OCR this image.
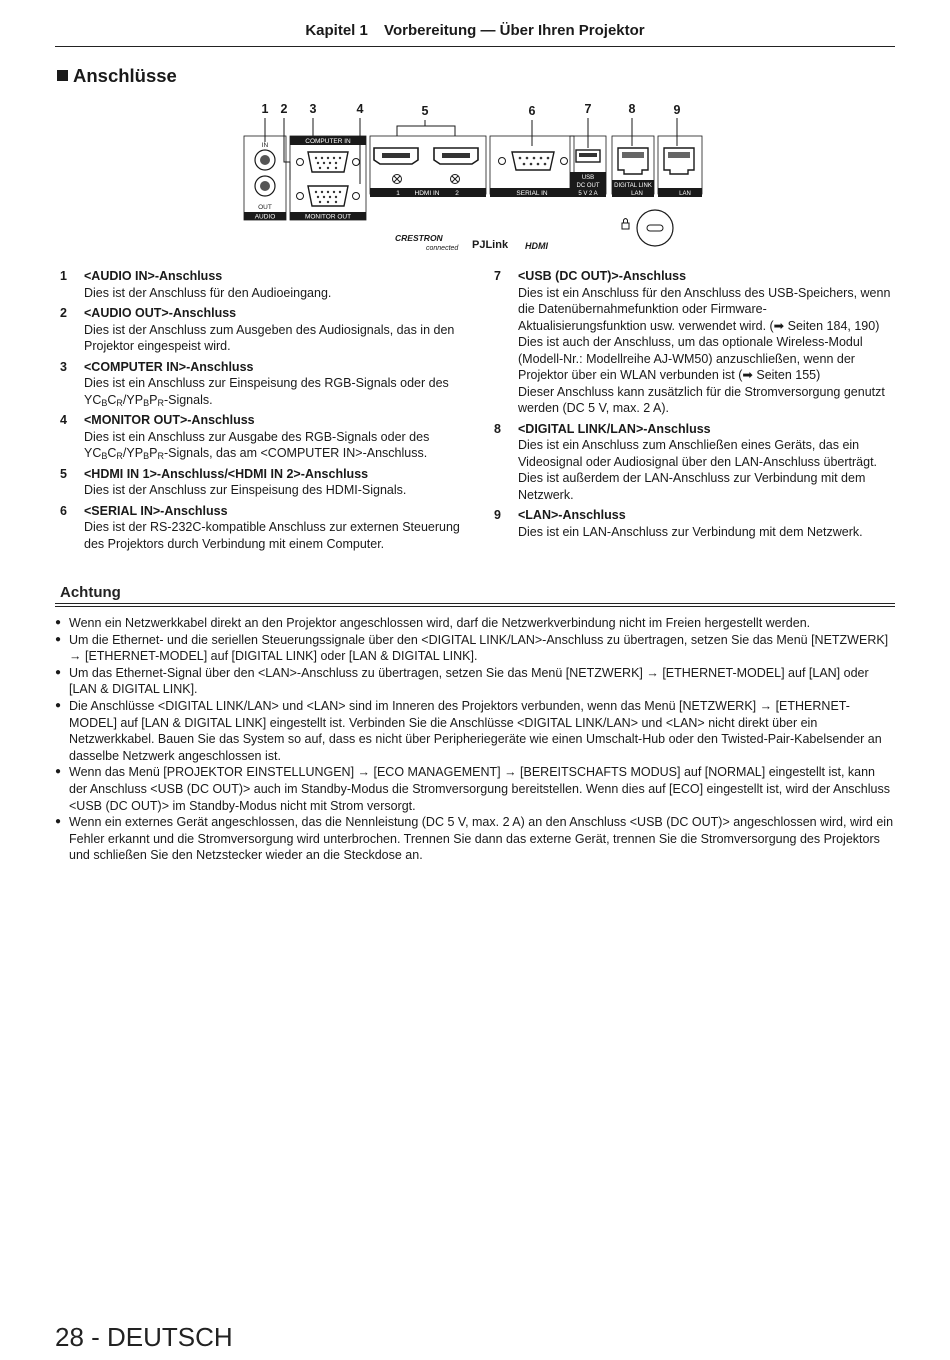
Kapitel 1 Vorbereitung — Über Ihren Projektor
Anschlüsse
1 2 3	4	5	6	7	8	9
IN
OUT
AUDIO
COMPUTER IN
MONITOR OUT
1 HDMI IN 2	SERIAL IN
USB
DC OUT
5 V 2 A
DIGITAL LINK
LAN	LAN
CRESTRON
connected PJLink HDMI
1	<AUDIO IN>-Anschluss
Dies ist der Anschluss für den Audioeingang.
2	<AUDIO OUT>-Anschluss
Dies ist der Anschluss zum Ausgeben des Audiosignals, das in den Projektor eingespeist wird.
3	<COMPUTER IN>-Anschluss
Dies ist ein Anschluss zur Einspeisung des RGB-Signals oder des $YC_BC_R/YP_BP_R$-Signals.
4	<MONITOR OUT>-Anschluss
Dies ist ein Anschluss zur Ausgabe des RGB-Signals oder des $YC_BC_R/YP_BP_R$-Signals, das am <COMPUTER IN>-Anschluss.
5	<HDMI IN 1>-Anschluss/<HDMI IN 2>-Anschluss
Dies ist der Anschluss zur Einspeisung des HDMI-Signals.
6	<SERIAL IN>-Anschluss
Dies ist der RS-232C-kompatible Anschluss zur externen Steuerung des Projektors durch Verbindung mit einem Computer.
7	<USB (DC OUT)>-Anschluss
Dies ist ein Anschluss für den Anschluss des USB-Speichers, wenn die Datenübernahmefunktion oder Firmware-Aktualisierungsfunktion usw. verwendet wird. (➡ Seiten 184, 190)
Dies ist auch der Anschluss, um das optionale Wireless-Modul (Modell-Nr.: Modellreihe AJ-WM50) anzuschließen, wenn der Projektor über ein WLAN verbunden ist (➡ Seiten 155)
Dieser Anschluss kann zusätzlich für die Stromversorgung genutzt werden (DC 5 V, max. 2 A).
8	<DIGITAL LINK/LAN>-Anschluss
Dies ist ein Anschluss zum Anschließen eines Geräts, das ein Videosignal oder Audiosignal über den LAN-Anschluss überträgt. Dies ist außerdem der LAN-Anschluss zur Verbindung mit dem Netzwerk.
9	<LAN>-Anschluss
Dies ist ein LAN-Anschluss zur Verbindung mit dem Netzwerk.
Achtung
● Wenn ein Netzwerkkabel direkt an den Projektor angeschlossen wird, darf die Netzwerkverbindung nicht im Freien hergestellt werden.
● Um die Ethernet- und die seriellen Steuerungssignale über den <DIGITAL LINK/LAN>-Anschluss zu übertragen, setzen Sie das Menü [NETZWERK] → [ETHERNET-MODEL] auf [DIGITAL LINK] oder [LAN & DIGITAL LINK].
● Um das Ethernet-Signal über den <LAN>-Anschluss zu übertragen, setzen Sie das Menü [NETZWERK] → [ETHERNET-MODEL] auf [LAN] oder [LAN & DIGITAL LINK].
● Die Anschlüsse <DIGITAL LINK/LAN> und <LAN> sind im Inneren des Projektors verbunden, wenn das Menü [NETZWERK] → [ETHERNET-MODEL] auf [LAN & DIGITAL LINK] eingestellt ist. Verbinden Sie die Anschlüsse <DIGITAL LINK/LAN> und <LAN> nicht direkt über ein Netzwerkkabel. Bauen Sie das System so auf, dass es nicht über Peripheriegeräte wie einen Umschalt-Hub oder den Twisted-Pair-Kabelsender an dasselbe Netzwerk angeschlossen ist.
● Wenn das Menü [PROJEKTOR EINSTELLUNGEN] → [ECO MANAGEMENT] → [BEREITSCHAFTS MODUS] auf [NORMAL] eingestellt ist, kann der Anschluss <USB (DC OUT)> auch im Standby-Modus die Stromversorgung bereitstellen. Wenn dies auf [ECO] eingestellt ist, wird der Anschluss <USB (DC OUT)> im Standby-Modus nicht mit Strom versorgt.
● Wenn ein externes Gerät angeschlossen, das die Nennleistung (DC 5 V, max. 2 A) an den Anschluss <USB (DC OUT)> angeschlossen wird, wird ein Fehler erkannt und die Stromversorgung wird unterbrochen. Trennen Sie dann das externe Gerät, trennen Sie die Stromversorgung des Projektors und schließen Sie den Netzstecker wieder an die Steckdose an.
28 - DEUTSCH
